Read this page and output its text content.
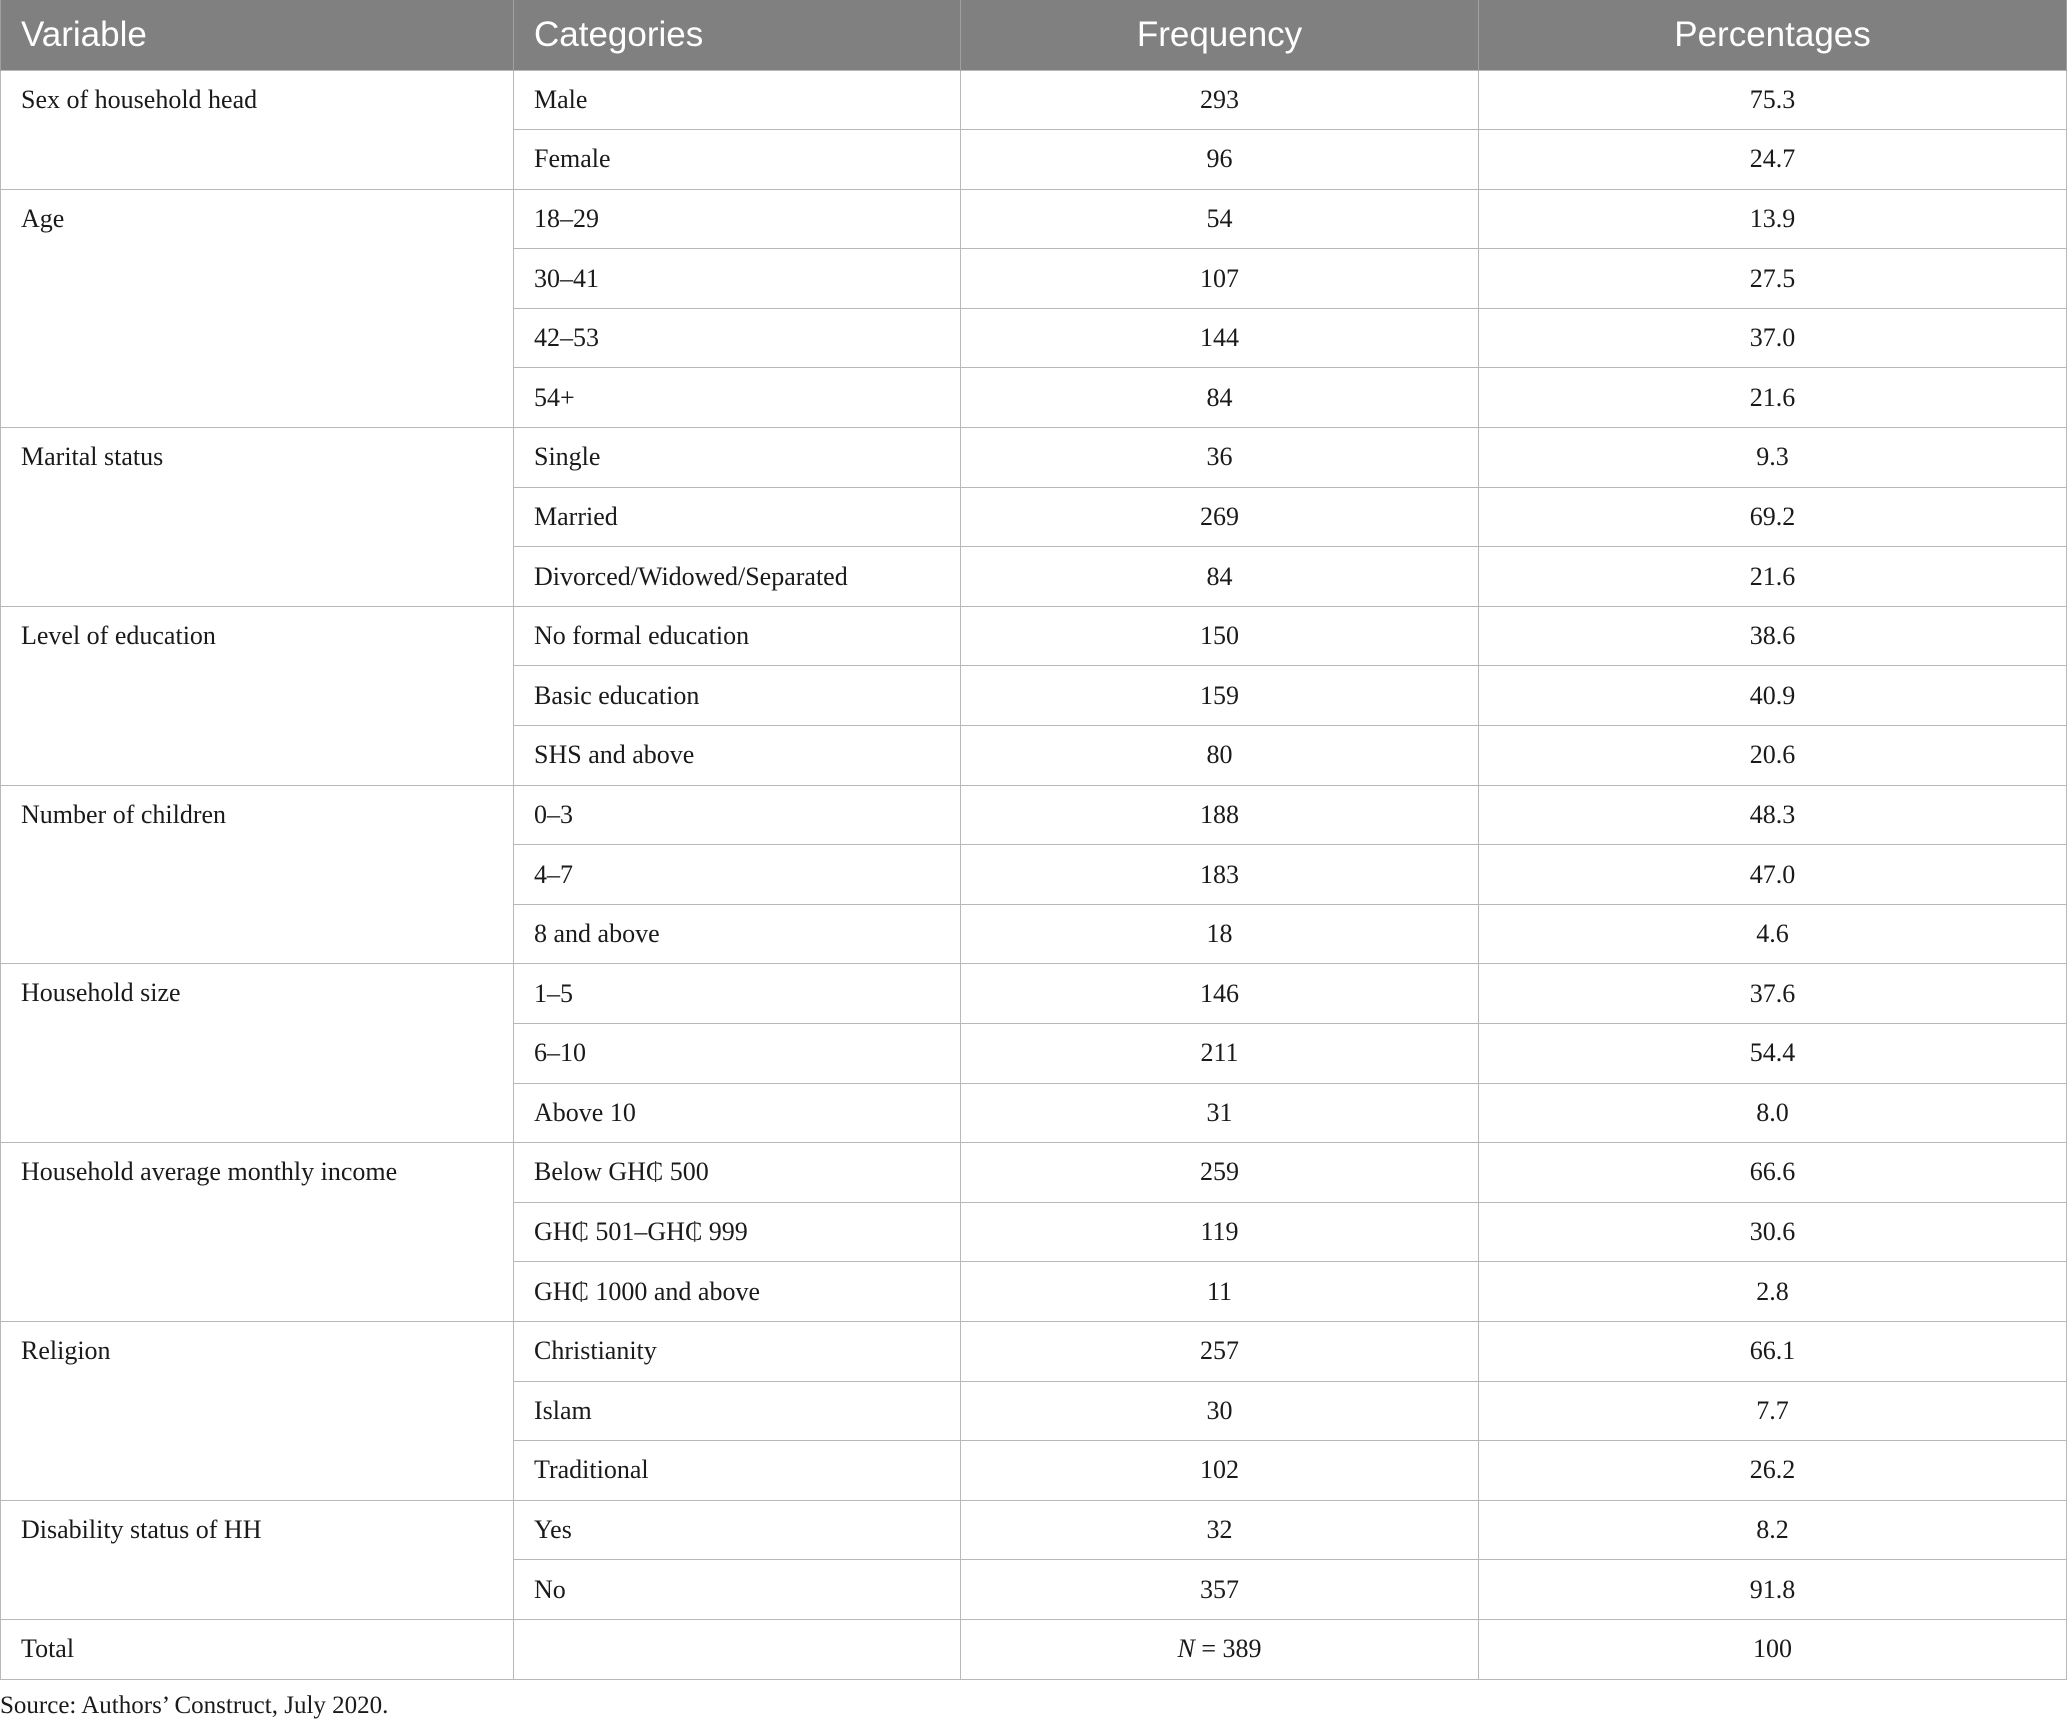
Variable	Categories	Frequency	Percentages
Sex of household head	Male	293	75.3
	Female	96	24.7
Age	18–29	54	13.9
	30–41	107	27.5
	42–53	144	37.0
	54+	84	21.6
Marital status	Single	36	9.3
	Married	269	69.2
	Divorced/Widowed/Separated	84	21.6
Level of education	No formal education	150	38.6
	Basic education	159	40.9
	SHS and above	80	20.6
Number of children	0–3	188	48.3
	4–7	183	47.0
	8 and above	18	4.6
Household size	1–5	146	37.6
	6–10	211	54.4
	Above 10	31	8.0
Household average monthly income	Below GH₵ 500	259	66.6
	GH₵ 501–GH₵ 999	119	30.6
	GH₵ 1000 and above	11	2.8
Religion	Christianity	257	66.1
	Islam	30	7.7
	Traditional	102	26.2
Disability status of HH	Yes	32	8.2
	No	357	91.8
Total		N = 389	100
Source: Authors’ Construct, July 2020.
